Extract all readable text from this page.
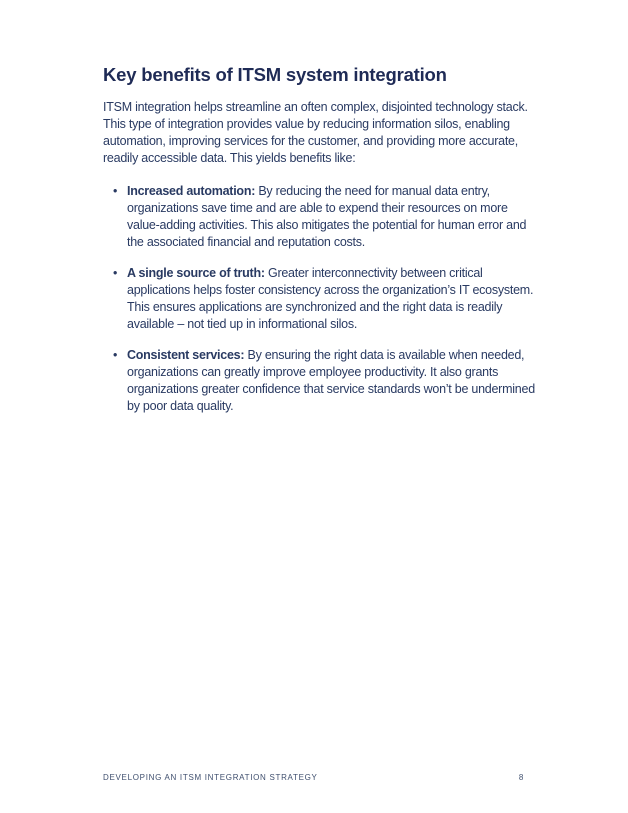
Key benefits of ITSM system integration

ITSM integration helps streamline an often complex, disjointed technology stack. This type of integration provides value by reducing information silos, enabling automation, improving services for the customer, and providing more accurate, readily accessible data. This yields benefits like:

• Increased automation: By reducing the need for manual data entry, organizations save time and are able to expend their resources on more value-adding activities. This also mitigates the potential for human error and the associated financial and reputation costs.
• A single source of truth: Greater interconnectivity between critical applications helps foster consistency across the organization’s IT ecosystem. This ensures applications are synchronized and the right data is readily available – not tied up in informational silos.
• Consistent services: By ensuring the right data is available when needed, organizations can greatly improve employee productivity. It also grants organizations greater confidence that service standards won’t be undermined by poor data quality.
DEVELOPING AN ITSM INTEGRATION STRATEGY	8
